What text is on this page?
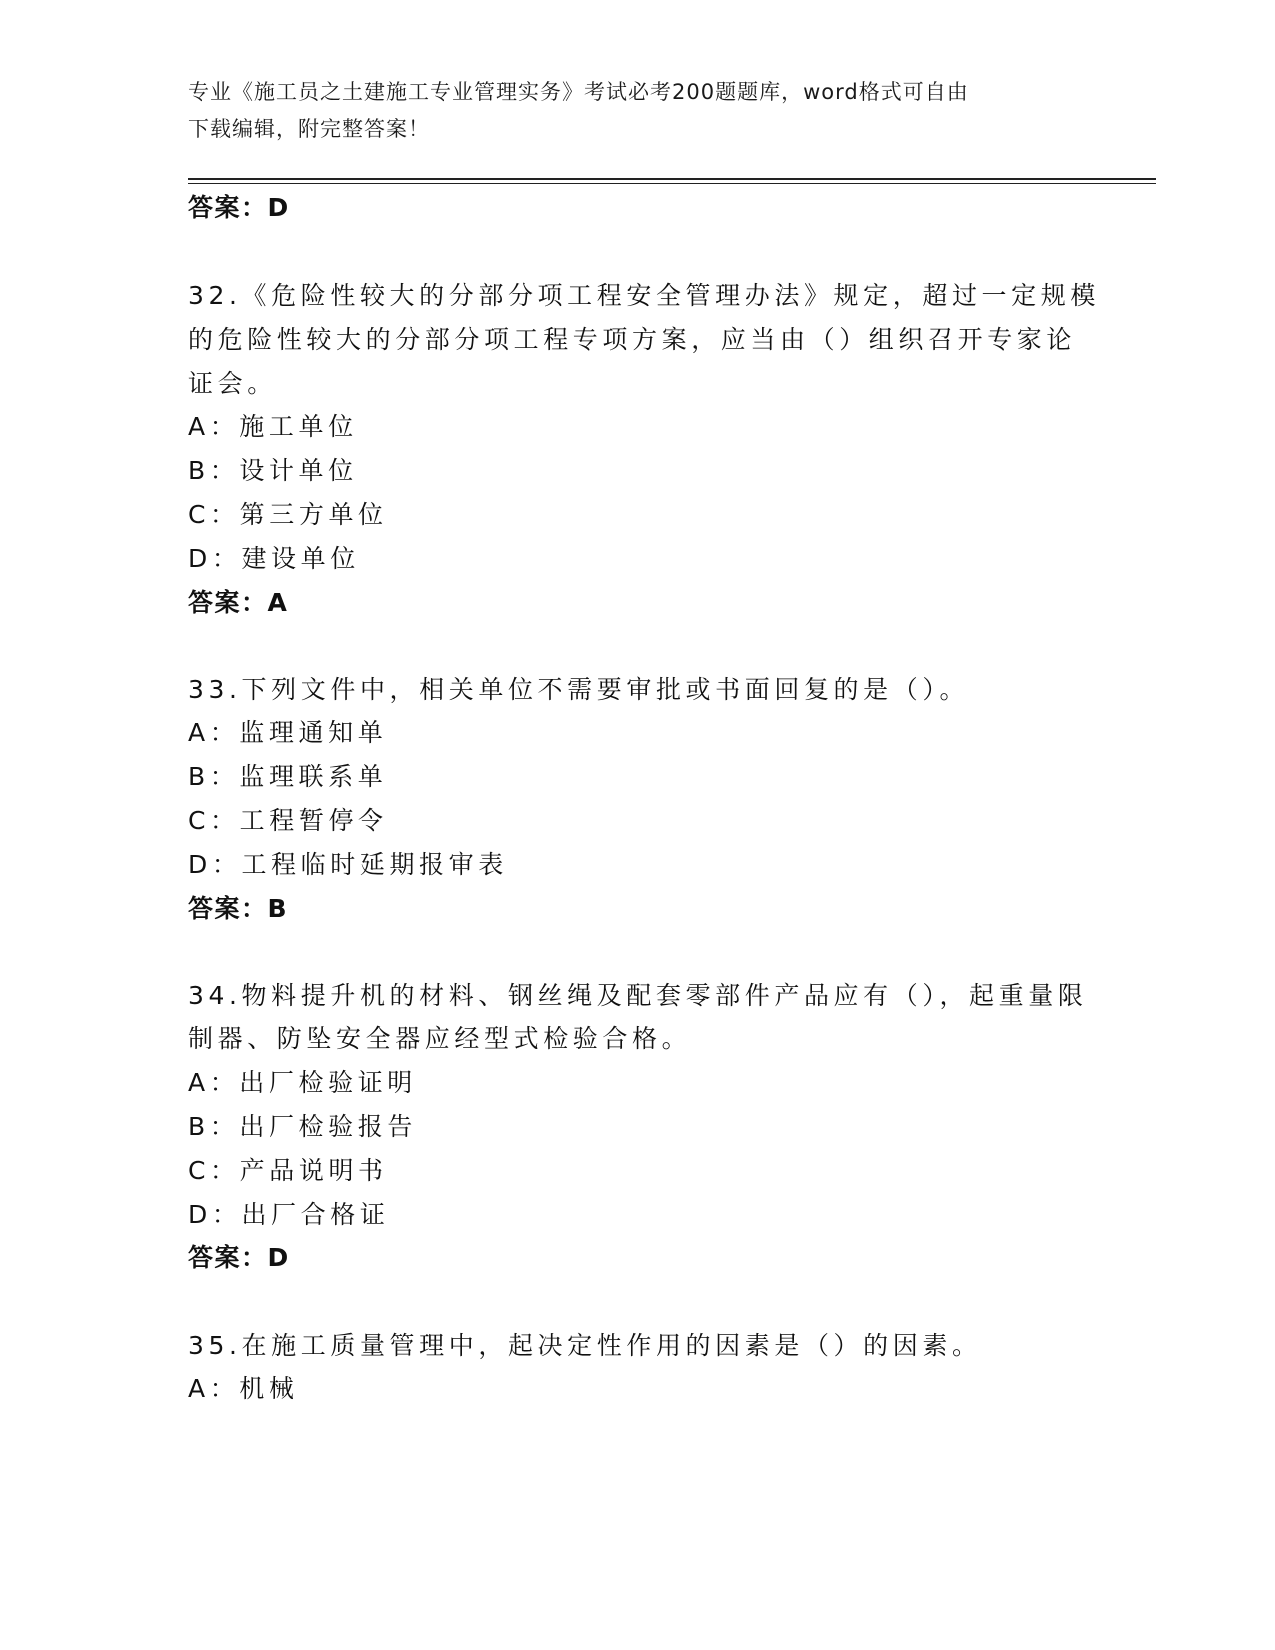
专业《施工员之土建施工专业管理实务》考试必考200题题库，word格式可自由
下载编辑，附完整答案！
答案：D
32.《危险性较大的分部分项工程安全管理办法》规定，超过一定规模
的危险性较大的分部分项工程专项方案，应当由（）组织召开专家论
证会。
A：施工单位
B：设计单位
C：第三方单位
D：建设单位
答案：A
33.下列文件中，相关单位不需要审批或书面回复的是（）。
A：监理通知单
B：监理联系单
C：工程暂停令
D：工程临时延期报审表
答案：B
34.物料提升机的材料、钢丝绳及配套零部件产品应有（），起重量限
制器、防坠安全器应经型式检验合格。
A：出厂检验证明
B：出厂检验报告
C：产品说明书
D：出厂合格证
答案：D
35.在施工质量管理中，起决定性作用的因素是（）的因素。
A：机械
